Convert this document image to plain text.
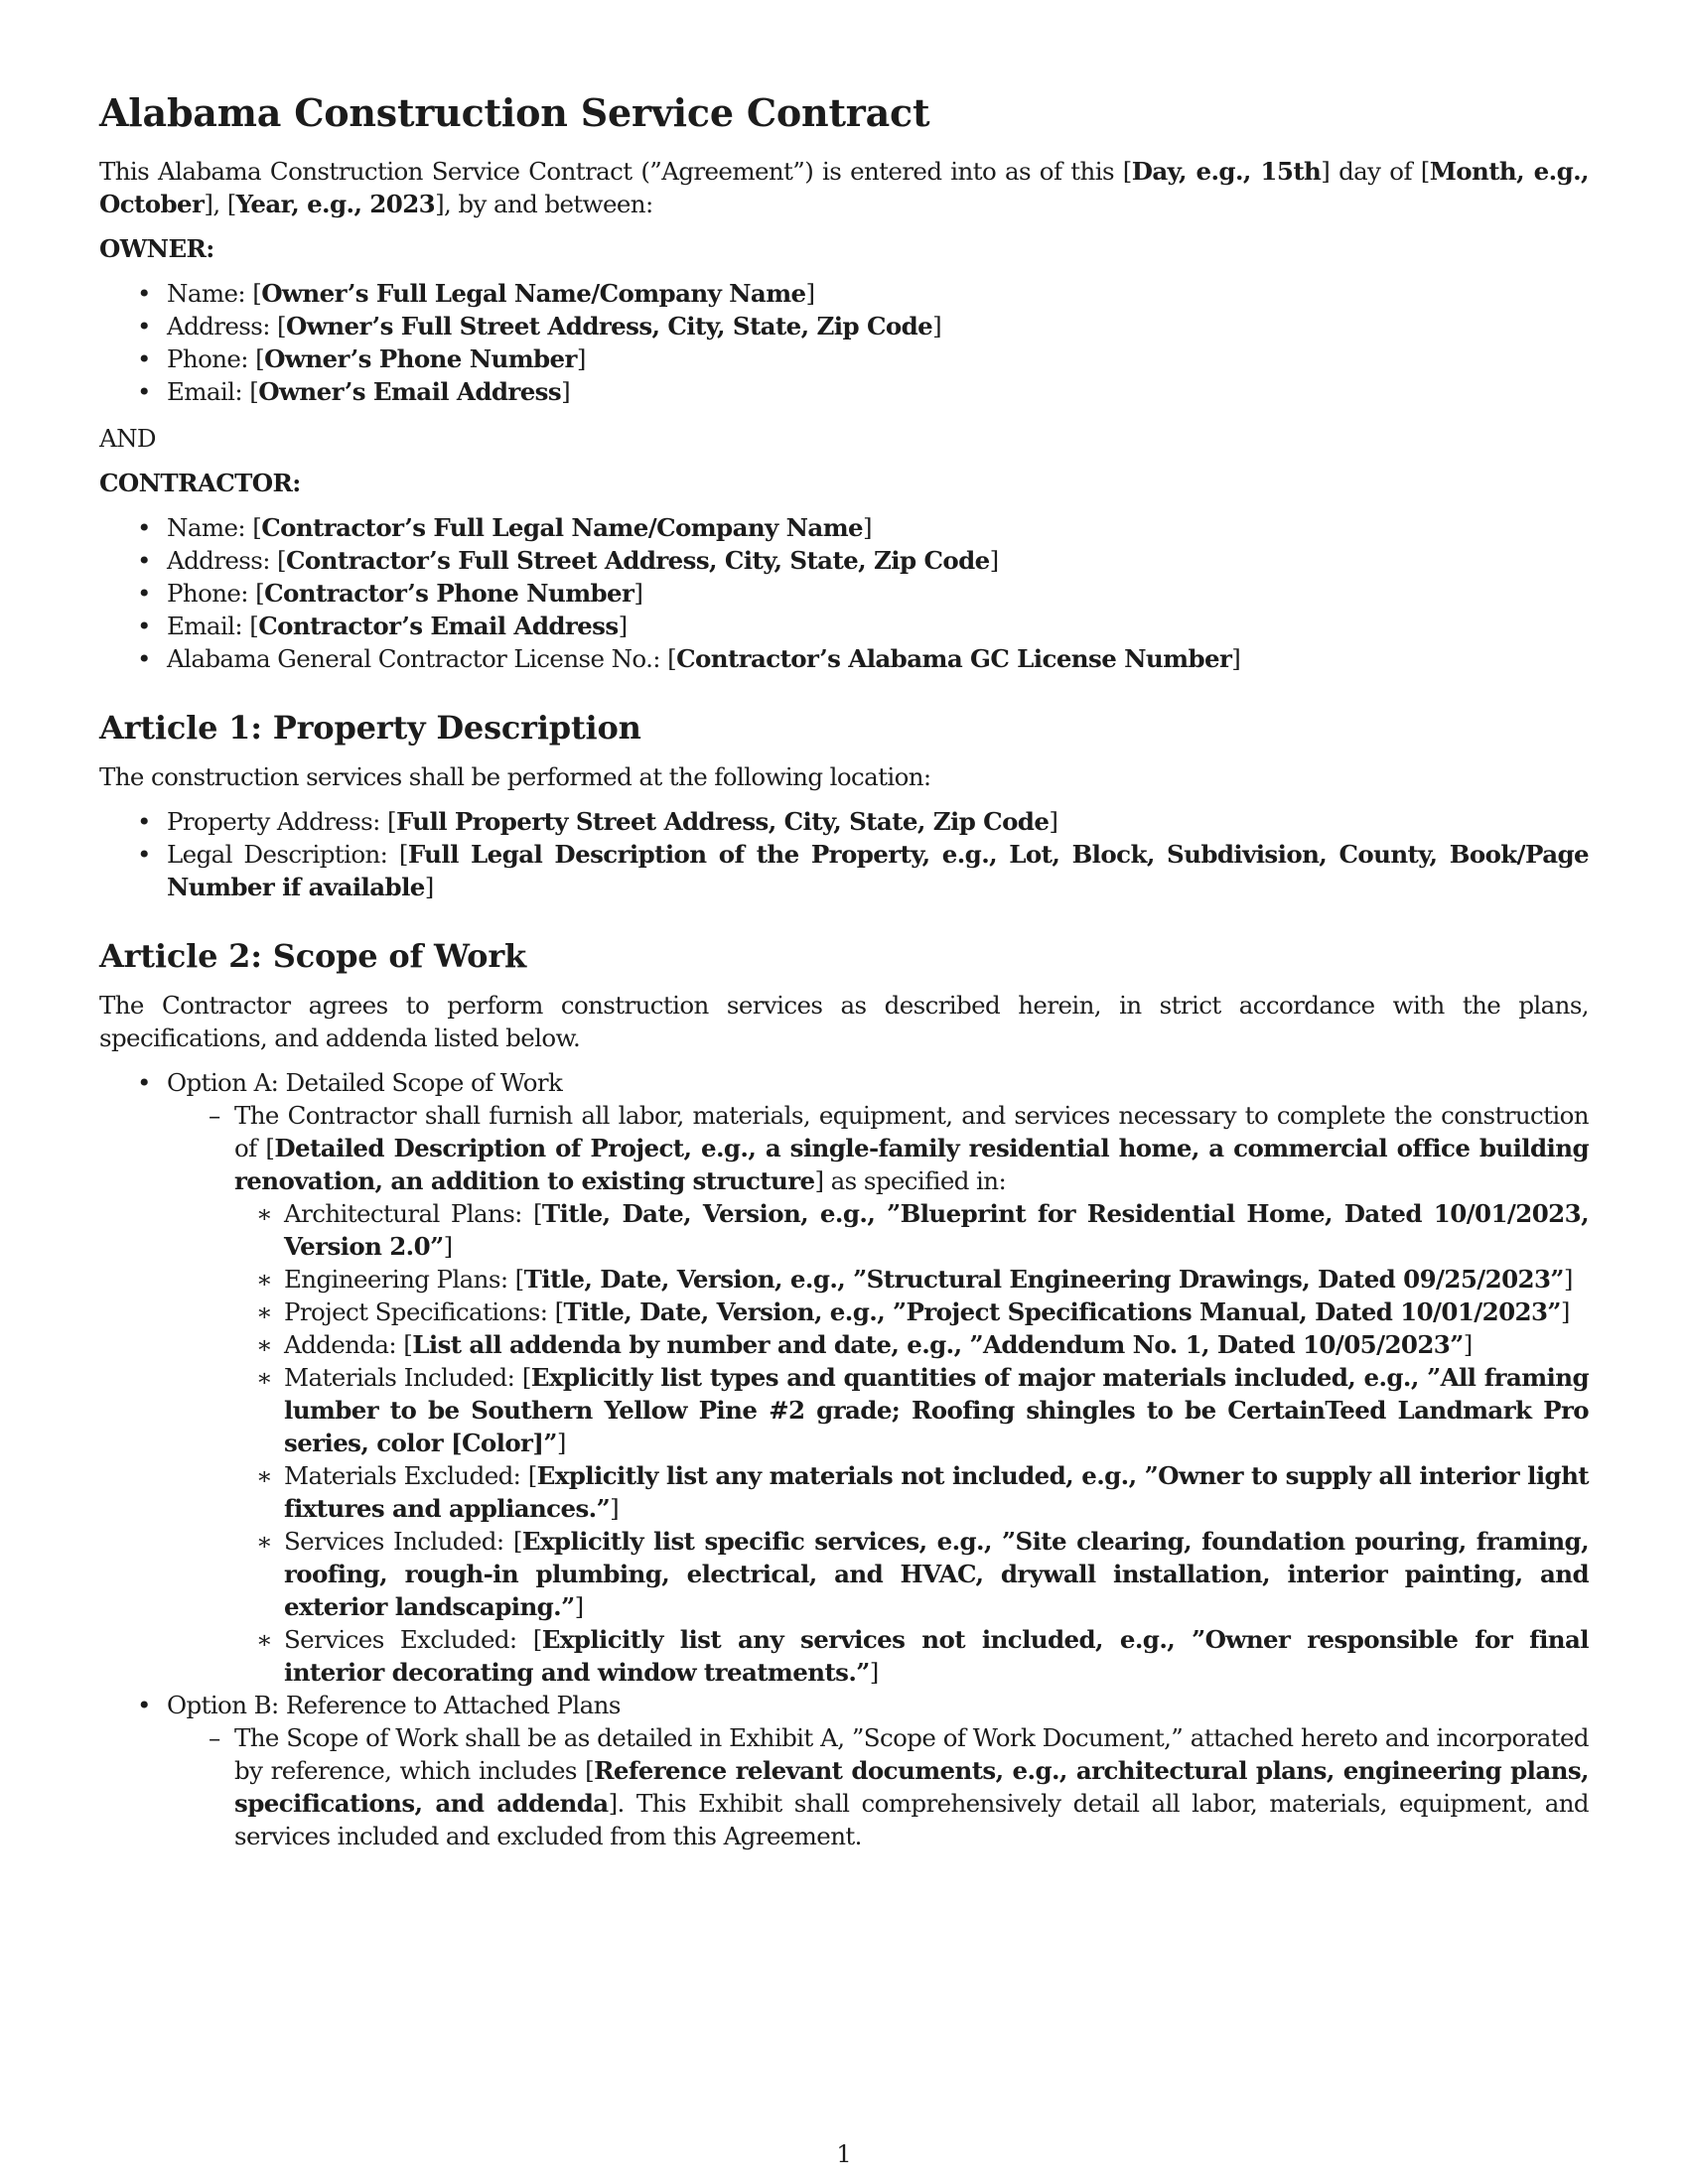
Alabama Construction Service Contract

This Alabama Construction Service Contract (”Agreement”) is entered into as of this [Day, e.g., 15th] day of [Month, e.g., October], [Year, e.g., 2023], by and between:

OWNER:

• Name: [Owner’s Full Legal Name/Company Name]
• Address: [Owner’s Full Street Address, City, State, Zip Code]
• Phone: [Owner’s Phone Number]
• Email: [Owner’s Email Address]

AND

CONTRACTOR:

• Name: [Contractor’s Full Legal Name/Company Name]
• Address: [Contractor’s Full Street Address, City, State, Zip Code]
• Phone: [Contractor’s Phone Number]
• Email: [Contractor’s Email Address]
• Alabama General Contractor License No.: [Contractor’s Alabama GC License Number]
Article 1: Property Description

The construction services shall be performed at the following location:

• Property Address: [Full Property Street Address, City, State, Zip Code]
• Legal Description: [Full Legal Description of the Property, e.g., Lot, Block, Subdivision, County, Book/Page Number if available]
Article 2: Scope of Work

The Contractor agrees to perform construction services as described herein, in strict accordance with the plans, specifications, and addenda listed below.

• Option A: Detailed Scope of Work
– The Contractor shall furnish all labor, materials, equipment, and services necessary to complete the construction of [Detailed Description of Project, e.g., a single-family residential home, a commercial office building renovation, an addition to existing structure] as specified in:
∗ Architectural Plans: [Title, Date, Version, e.g., ”Blueprint for Residential Home, Dated 10/01/2023, Version 2.0”]
∗ Engineering Plans: [Title, Date, Version, e.g., ”Structural Engineering Drawings, Dated 09/25/2023”]
∗ Project Specifications: [Title, Date, Version, e.g., ”Project Specifications Manual, Dated 10/01/2023”]
∗ Addenda: [List all addenda by number and date, e.g., ”Addendum No. 1, Dated 10/05/2023”]
∗ Materials Included: [Explicitly list types and quantities of major materials included, e.g., ”All framing lumber to be Southern Yellow Pine #2 grade; Roofing shingles to be CertainTeed Landmark Pro series, color [Color]”]
∗ Materials Excluded: [Explicitly list any materials not included, e.g., ”Owner to supply all interior light fixtures and appliances.”]
∗ Services Included: [Explicitly list specific services, e.g., ”Site clearing, foundation pouring, framing, roofing, rough-in plumbing, electrical, and HVAC, drywall installation, interior painting, and exterior landscaping.”]
∗ Services Excluded: [Explicitly list any services not included, e.g., ”Owner responsible for final interior decorating and window treatments.”]
• Option B: Reference to Attached Plans
– The Scope of Work shall be as detailed in Exhibit A, ”Scope of Work Document,” attached hereto and incorporated by reference, which includes [Reference relevant documents, e.g., architectural plans, engineering plans, specifications, and addenda]. This Exhibit shall comprehensively detail all labor, materials, equipment, and services included and excluded from this Agreement.
1
